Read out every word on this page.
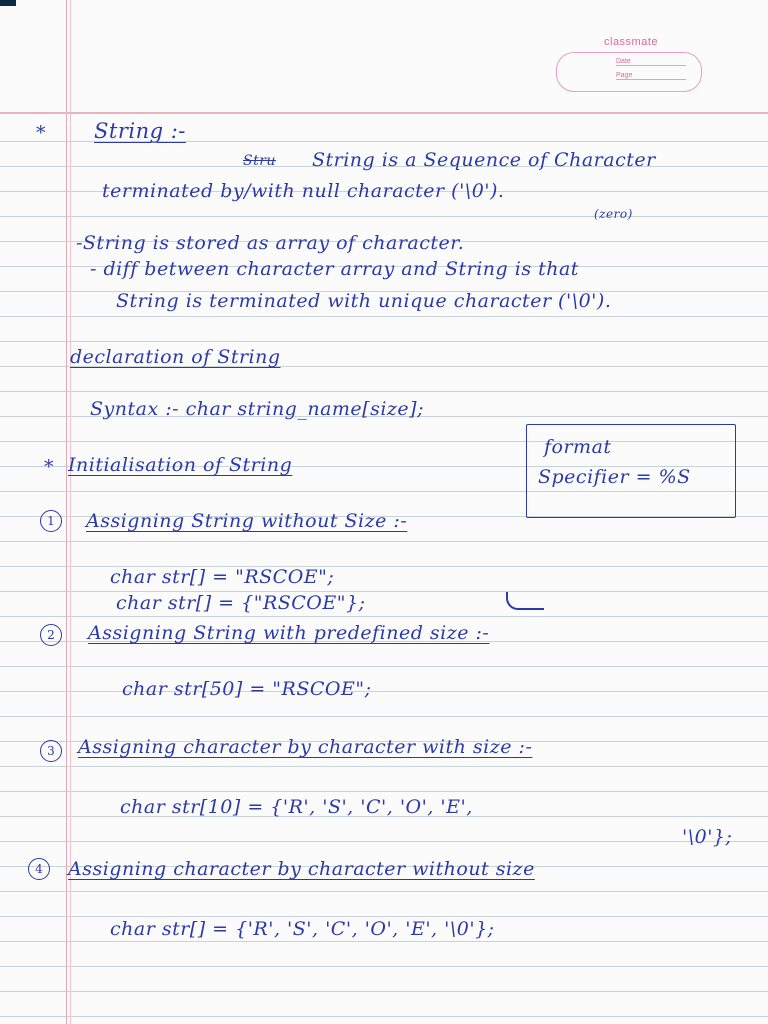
classmate
Date
Page
* String :-
Stru String is a Sequence of Character
terminated by/with null character ('\0').
(zero)
-String is stored as array of character.
- diff between character array and String is that
String is terminated with unique character ('\0').
declaration of String
Syntax :- char string_name[size];
* Initialisation of String
format
Specifier = %S
1	Assigning String without Size :-
char str[] = "RSCOE";
char str[] = {"RSCOE"};
2	Assigning String with predefined size :-
char str[50] = "RSCOE";
3	Assigning character by character with size :-
char str[10] = {'R', 'S', 'C', 'O', 'E',
'\0'};
4	Assigning character by character without size
char str[] = {'R', 'S', 'C', 'O', 'E', '\0'};
